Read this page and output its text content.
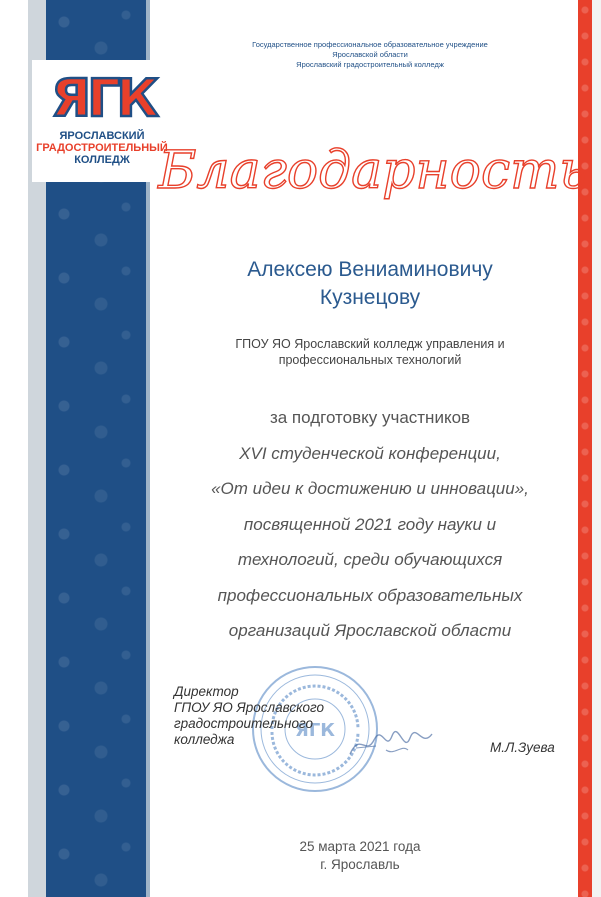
ЯГК
ЯРОСЛАВСКИЙ
ГРАДОСТРОИТЕЛЬНЫЙ
КОЛЛЕДЖ
Государственное профессиональное образовательное учреждение
Ярославской области
Ярославский градостроительный колледж
Благодарность
Алексею Вениаминовичу
Кузнецову
ГПОУ ЯО Ярославский колледж управления и
профессиональных технологий
за подготовку участников
XVI студенческой конференции,
«От идеи к достижению и инновации»,
посвященной 2021 году науки и
технологий, среди обучающихся
профессиональных образовательных
организаций Ярославской области
ЯГК
Директор
ГПОУ ЯО Ярославского
градостроительного
колледжа
М.Л.Зуева
25 марта 2021 года
г. Ярославль
